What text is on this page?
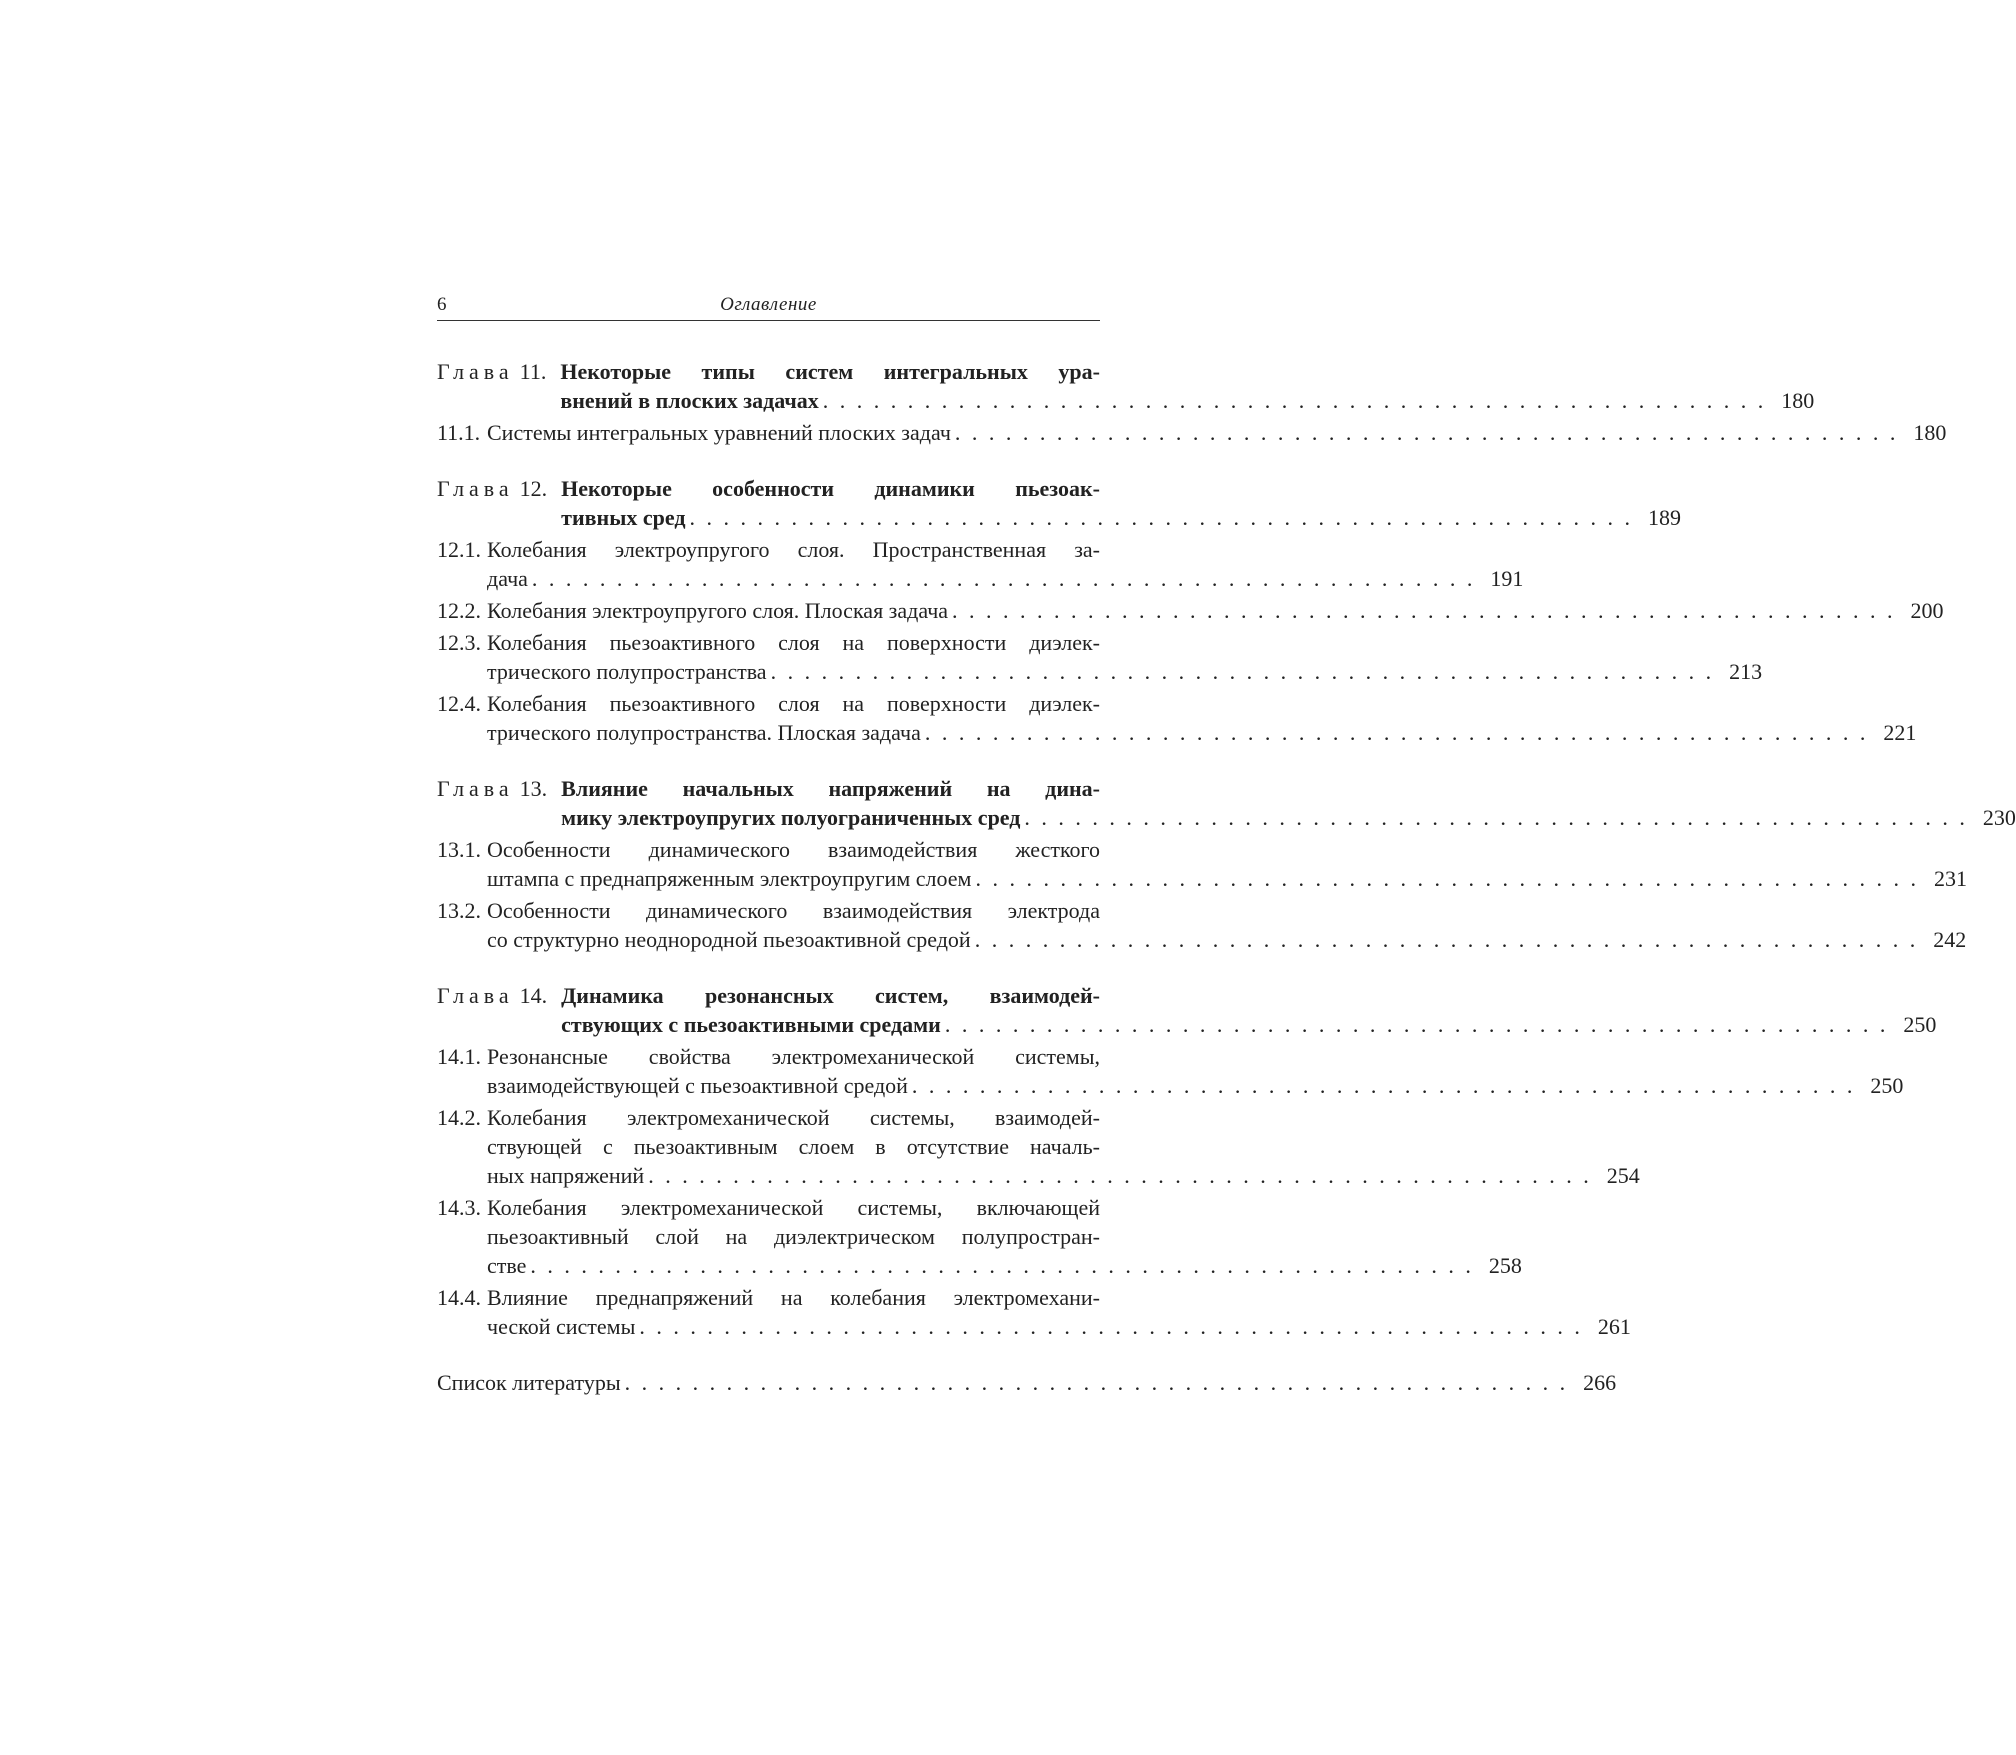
6	Оглавление
Глава 11. Некоторые типы систем интегральных ура-
внений в плоских задачах . . . . . . . . . . . . . . . . . . . . . . . . . . . . . . . . . . . . . . . . . . . . . . . . . . . . . . . . 180
11.1. Системы интегральных уравнений плоских задач . . . . . . . . . . . . . . . . . . . . . . . . . . . . . . . . . . . . . . . . . . . . . . . . . . . . . . . . 180
Глава 12. Некоторые особенности динамики пьезоак-
тивных сред . . . . . . . . . . . . . . . . . . . . . . . . . . . . . . . . . . . . . . . . . . . . . . . . . . . . . . . . 189
12.1. Колебания электроупругого слоя. Пространственная за-
дача . . . . . . . . . . . . . . . . . . . . . . . . . . . . . . . . . . . . . . . . . . . . . . . . . . . . . . . . 191
12.2. Колебания электроупругого слоя. Плоская задача . . . . . . . . . . . . . . . . . . . . . . . . . . . . . . . . . . . . . . . . . . . . . . . . . . . . . . . . 200
12.3. Колебания пьезоактивного слоя на поверхности диэлек-
трического полупространства . . . . . . . . . . . . . . . . . . . . . . . . . . . . . . . . . . . . . . . . . . . . . . . . . . . . . . . . 213
12.4. Колебания пьезоактивного слоя на поверхности диэлек-
трического полупространства. Плоская задача . . . . . . . . . . . . . . . . . . . . . . . . . . . . . . . . . . . . . . . . . . . . . . . . . . . . . . . . 221
Глава 13. Влияние начальных напряжений на дина-
мику электроупругих полуограниченных сред . . . . . . . . . . . . . . . . . . . . . . . . . . . . . . . . . . . . . . . . . . . . . . . . . . . . . . . . 230
13.1. Особенности динамического взаимодействия жесткого
штампа с преднапряженным электроупругим слоем . . . . . . . . . . . . . . . . . . . . . . . . . . . . . . . . . . . . . . . . . . . . . . . . . . . . . . . . 231
13.2. Особенности динамического взаимодействия электрода
со структурно неоднородной пьезоактивной средой . . . . . . . . . . . . . . . . . . . . . . . . . . . . . . . . . . . . . . . . . . . . . . . . . . . . . . . . 242
Глава 14. Динамика резонансных систем, взаимодей-
ствующих с пьезоактивными средами . . . . . . . . . . . . . . . . . . . . . . . . . . . . . . . . . . . . . . . . . . . . . . . . . . . . . . . . 250
14.1. Резонансные свойства электромеханической системы,
взаимодействующей с пьезоактивной средой . . . . . . . . . . . . . . . . . . . . . . . . . . . . . . . . . . . . . . . . . . . . . . . . . . . . . . . . 250
14.2. Колебания электромеханической системы, взаимодей-
ствующей с пьезоактивным слоем в отсутствие началь-
ных напряжений . . . . . . . . . . . . . . . . . . . . . . . . . . . . . . . . . . . . . . . . . . . . . . . . . . . . . . . . 254
14.3. Колебания электромеханической системы, включающей
пьезоактивный слой на диэлектрическом полупростран-
стве . . . . . . . . . . . . . . . . . . . . . . . . . . . . . . . . . . . . . . . . . . . . . . . . . . . . . . . . 258
14.4. Влияние преднапряжений на колебания электромехани-
ческой системы . . . . . . . . . . . . . . . . . . . . . . . . . . . . . . . . . . . . . . . . . . . . . . . . . . . . . . . . 261
Список литературы . . . . . . . . . . . . . . . . . . . . . . . . . . . . . . . . . . . . . . . . . . . . . . . . . . . . . . . . 266
